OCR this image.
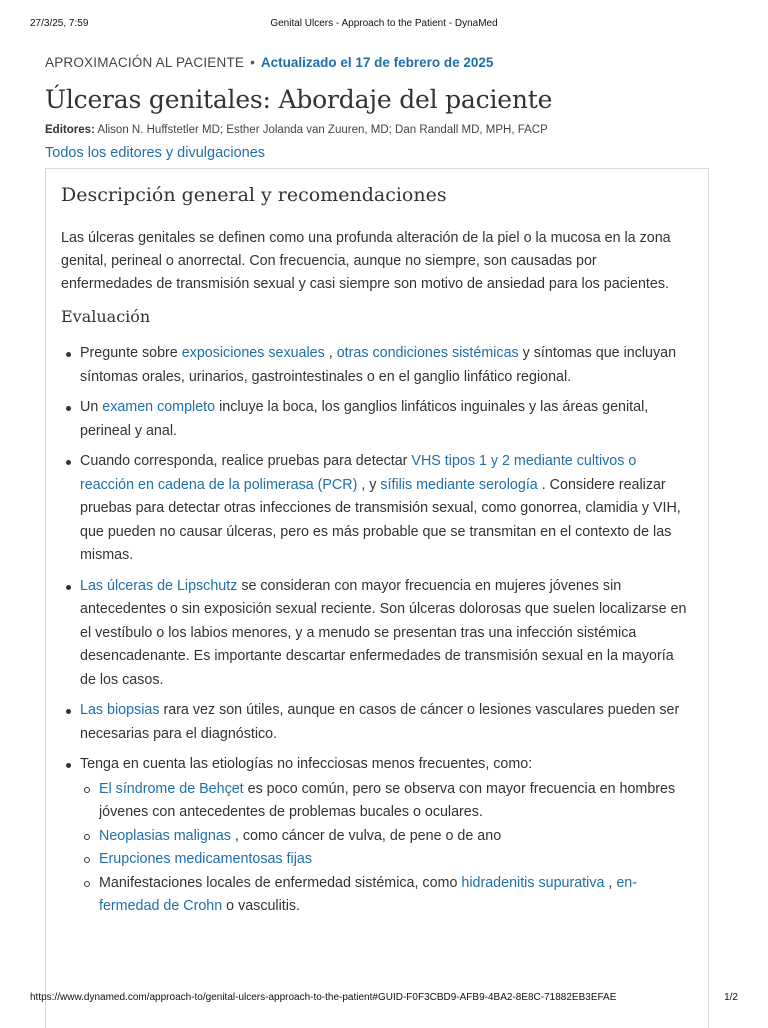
27/3/25, 7:59	Genital Ulcers - Approach to the Patient - DynaMed
APROXIMACIÓN AL PACIENTE • Actualizado el 17 de febrero de 2025
Úlceras genitales: Abordaje del paciente
Editores: Alison N. Huffstetler MD; Esther Jolanda van Zuuren, MD; Dan Randall MD, MPH, FACP
Todos los editores y divulgaciones
Descripción general y recomendaciones

Las úlceras genitales se definen como una profunda alteración de la piel o la mucosa en la zona genital, perineal o anorrectal. Con frecuencia, aunque no siempre, son causadas por enfermedades de transmisión sexual y casi siempre son motivo de ansiedad para los pacientes.

Evaluación
Pregunte sobre exposiciones sexuales , otras condiciones sistémicas y síntomas que incluyan síntomas orales, urinarios, gastrointestinales o en el ganglio linfático regional.
Un examen completo incluye la boca, los ganglios linfáticos inguinales y las áreas genital, perineal y anal.
Cuando corresponda, realice pruebas para detectar VHS tipos 1 y 2 mediante cultivos o reacción en cadena de la polimerasa (PCR) , y sífilis mediante serología . Considere realizar pruebas para detectar otras infecciones de transmisión sexual, como gonorrea, clamidia y VIH, que pueden no causar úlceras, pero es más probable que se transmitan en el contexto de las mismas.
Las úlceras de Lipschutz se consideran con mayor frecuencia en mujeres jóvenes sin antecedentes o sin exposición sexual reciente. Son úlceras dolorosas que suelen localizarse en el vestíbulo o los labios menores, y a menudo se presentan tras una infección sistémica desencadenante. Es importante descartar enfermedades de transmisión sexual en la mayoría de los casos.
Las biopsias rara vez son útiles, aunque en casos de cáncer o lesiones vasculares pueden ser necesarias para el diagnóstico.
Tenga en cuenta las etiologías no infecciosas menos frecuentes, como:
El síndrome de Behçet es poco común, pero se observa con mayor frecuencia en hombres jóvenes con antecedentes de problemas bucales o oculares.
Neoplasias malignas , como cáncer de vulva, de pene o de ano
Erupciones medicamentosas fijas
Manifestaciones locales de enfermedad sistémica, como hidradenitis supurativa , enfermedad de Crohn o vasculitis.
https://www.dynamed.com/approach-to/genital-ulcers-approach-to-the-patient#GUID-F0F3CBD9-AFB9-4BA2-8E8C-71882EB3EFAE	1/2
